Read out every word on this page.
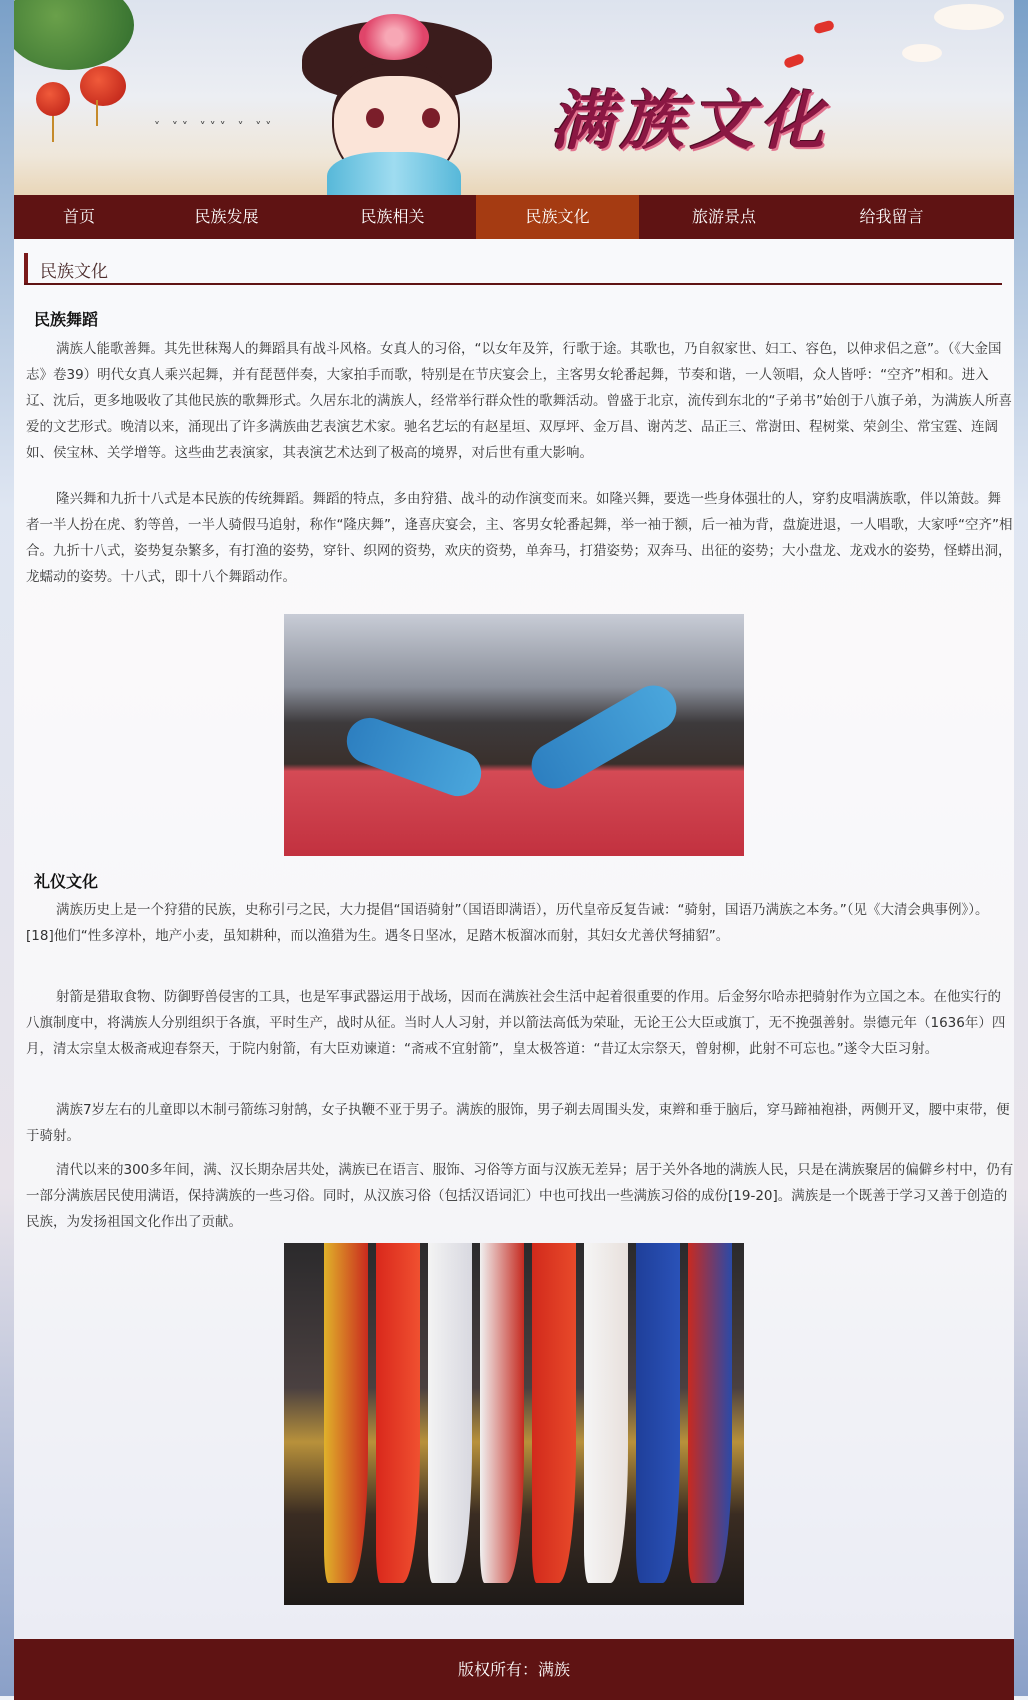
˅ ˅˅ ˅˅˅ ˅ ˅˅	满族文化
首页	民族发展	民族相关	民族文化	旅游景点	给我留言
民族文化
民族舞蹈

满族人能歌善舞。其先世秣羯人的舞蹈具有战斗风格。女真人的习俗，“以女年及笄，行歌于途。其歌也，乃自叙家世、妇工、容色，以伸求侣之意”。（《大金国志》卷39）明代女真人乘兴起舞，并有琵琶伴奏，大家拍手而歌，特别是在节庆宴会上，主客男女轮番起舞，节奏和谐，一人领唱，众人皆呼：“空齐”相和。进入辽、沈后，更多地吸收了其他民族的歌舞形式。久居东北的满族人，经常举行群众性的歌舞活动。曾盛于北京，流传到东北的“子弟书”始创于八旗子弟，为满族人所喜爱的文艺形式。晚清以来，涌现出了许多满族曲艺表演艺术家。驰名艺坛的有赵星垣、双厚坪、金万昌、谢芮芝、品正三、常澍田、程树棠、荣剑尘、常宝霆、连阔如、侯宝林、关学增等。这些曲艺表演家，其表演艺术达到了极高的境界，对后世有重大影响。

隆兴舞和九折十八式是本民族的传统舞蹈。舞蹈的特点，多由狩猎、战斗的动作演变而来。如隆兴舞，要选一些身体强壮的人，穿豹皮唱满族歌，伴以箫鼓。舞者一半人扮在虎、豹等兽，一半人骑假马追射，称作“隆庆舞”，逢喜庆宴会，主、客男女轮番起舞，举一袖于额，后一袖为背，盘旋进退，一人唱歌，大家呼“空齐”相合。九折十八式，姿势复杂繁多，有打渔的姿势，穿针、织网的资势，欢庆的资势，单奔马，打猎姿势；双奔马、出征的姿势；大小盘龙、龙戏水的姿势，怪蟒出洞，龙蠕动的姿势。十八式，即十八个舞蹈动作。

礼仪文化

满族历史上是一个狩猎的民族，史称引弓之民，大力提倡“国语骑射”（国语即满语），历代皇帝反复告诫：“骑射，国语乃满族之本务。”（见《大清会典事例》）。[18]他们“性多淳朴，地产小麦，虽知耕种，而以渔猎为生。遇冬日坚冰，足踏木板溜冰而射，其妇女尤善伏弩捕貂”。

射箭是猎取食物、防御野兽侵害的工具，也是军事武器运用于战场，因而在满族社会生活中起着很重要的作用。后金努尔哈赤把骑射作为立国之本。在他实行的八旗制度中，将满族人分别组织于各旗，平时生产，战时从征。当时人人习射，并以箭法高低为荣耻，无论王公大臣或旗丁，无不挽强善射。崇德元年（1636年）四月，清太宗皇太极斋戒迎春祭天，于院内射箭，有大臣劝谏道：“斋戒不宜射箭”，皇太极答道：“昔辽太宗祭天，曾射柳，此射不可忘也。”遂令大臣习射。

满族7岁左右的儿童即以木制弓箭练习射鹄，女子执鞭不亚于男子。满族的服饰，男子剃去周围头发，束辫和垂于脑后，穿马蹄袖袍褂，两侧开叉，腰中束带，便于骑射。

清代以来的300多年间，满、汉长期杂居共处，满族已在语言、服饰、习俗等方面与汉族无差异；居于关外各地的满族人民，只是在满族聚居的偏僻乡村中，仍有一部分满族居民使用满语，保持满族的一些习俗。同时，从汉族习俗（包括汉语词汇）中也可找出一些满族习俗的成份[19-20]。满族是一个既善于学习又善于创造的民族，为发扬祖国文化作出了贡献。

版权所有：满族
